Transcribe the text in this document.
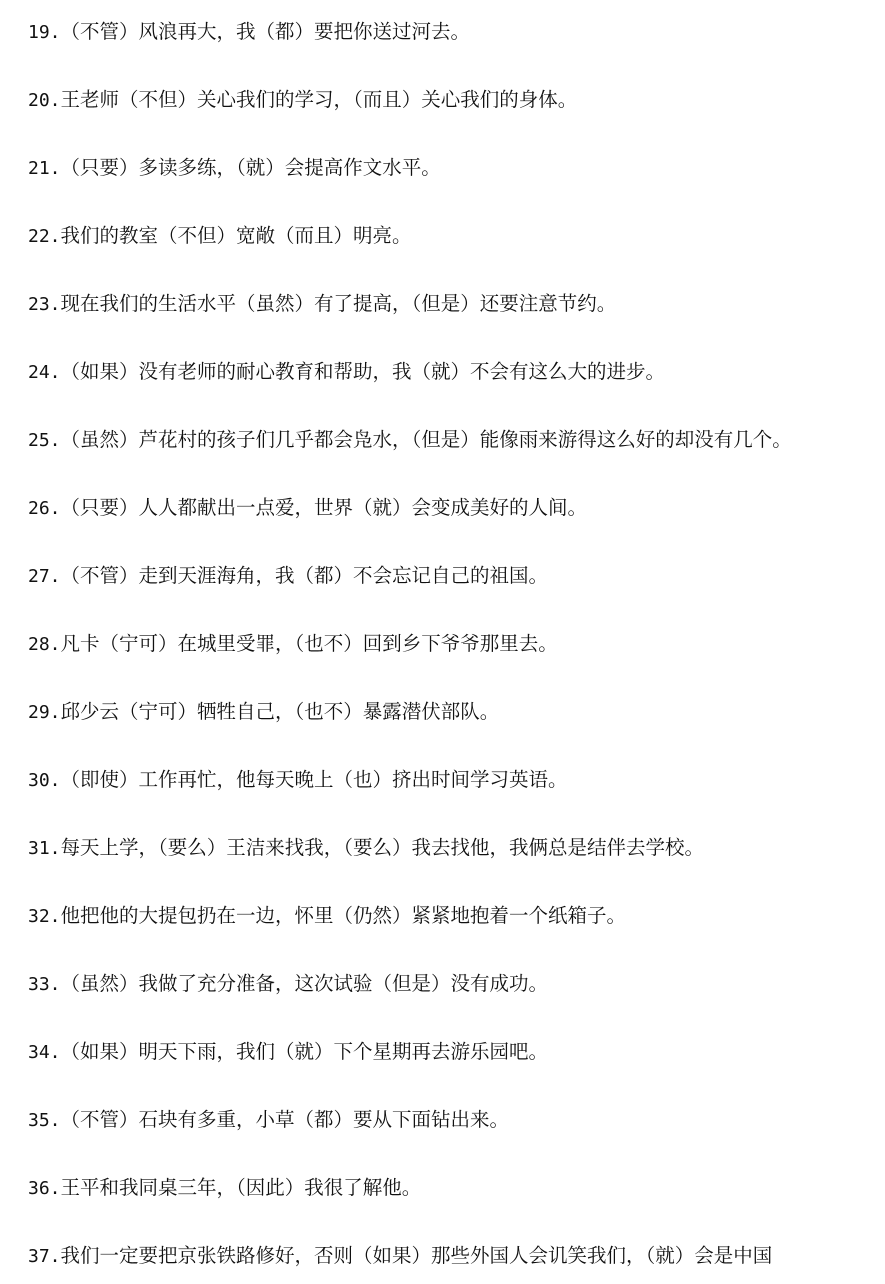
19.（不管）风浪再大，我（都）要把你送过河去。
20.王老师（不但）关心我们的学习，（而且）关心我们的身体。
21.（只要）多读多练，（就）会提高作文水平。
22.我们的教室（不但）宽敞（而且）明亮。
23.现在我们的生活水平（虽然）有了提高，（但是）还要注意节约。
24.（如果）没有老师的耐心教育和帮助，我（就）不会有这么大的进步。
25.（虽然）芦花村的孩子们几乎都会凫水，（但是）能像雨来游得这么好的却没有几个。
26.（只要）人人都献出一点爱，世界（就）会变成美好的人间。
27.（不管）走到天涯海角，我（都）不会忘记自己的祖国。
28.凡卡（宁可）在城里受罪，（也不）回到乡下爷爷那里去。
29.邱少云（宁可）牺牲自己，（也不）暴露潜伏部队。
30.（即使）工作再忙，他每天晚上（也）挤出时间学习英语。
31.每天上学，（要么）王洁来找我，（要么）我去找他，我俩总是结伴去学校。
32.他把他的大提包扔在一边，怀里（仍然）紧紧地抱着一个纸箱子。
33.（虽然）我做了充分准备，这次试验（但是）没有成功。
34.（如果）明天下雨，我们（就）下个星期再去游乐园吧。
35.（不管）石块有多重，小草（都）要从下面钻出来。
36.王平和我同桌三年，（因此）我很了解他。
37.我们一定要把京张铁路修好，否则（如果）那些外国人会讥笑我们，（就）会是中国
